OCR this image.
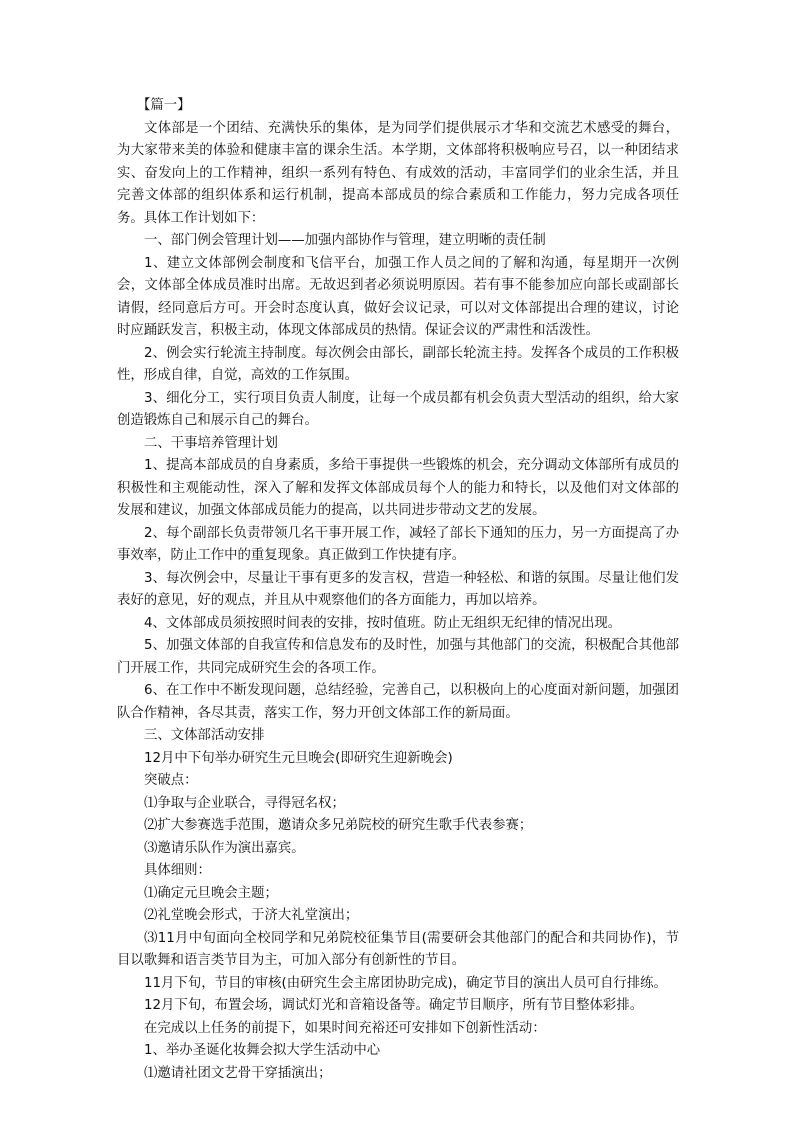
【篇一】

文体部是一个团结、充满快乐的集体，是为同学们提供展示才华和交流艺术感受的舞台，为大家带来美的体验和健康丰富的课余生活。本学期，文体部将积极响应号召，以一种团结求实、奋发向上的工作精神，组织一系列有特色、有成效的活动，丰富同学们的业余生活，并且完善文体部的组织体系和运行机制，提高本部成员的综合素质和工作能力，努力完成各项任务。具体工作计划如下：

一、部门例会管理计划——加强内部协作与管理，建立明晰的责任制

1、建立文体部例会制度和飞信平台，加强工作人员之间的了解和沟通，每星期开一次例会，文体部全体成员准时出席。无故迟到者必须说明原因。若有事不能参加应向部长或副部长请假，经同意后方可。开会时态度认真，做好会议记录，可以对文体部提出合理的建议，讨论时应踊跃发言，积极主动，体现文体部成员的热情。保证会议的严肃性和活泼性。

2、例会实行轮流主持制度。每次例会由部长，副部长轮流主持。发挥各个成员的工作积极性，形成自律，自觉，高效的工作氛围。

3、细化分工，实行项目负责人制度，让每一个成员都有机会负责大型活动的组织，给大家创造锻炼自己和展示自己的舞台。

二、干事培养管理计划

1、提高本部成员的自身素质，多给干事提供一些锻炼的机会，充分调动文体部所有成员的积极性和主观能动性，深入了解和发挥文体部成员每个人的能力和特长，以及他们对文体部的发展和建议，加强文体部成员能力的提高，以共同进步带动文艺的发展。

2、每个副部长负责带领几名干事开展工作，减轻了部长下通知的压力，另一方面提高了办事效率，防止工作中的重复现象。真正做到工作快捷有序。

3、每次例会中，尽量让干事有更多的发言权，营造一种轻松、和谐的氛围。尽量让他们发表好的意见，好的观点，并且从中观察他们的各方面能力，再加以培养。

4、文体部成员须按照时间表的安排，按时值班。防止无组织无纪律的情况出现。

5、加强文体部的自我宣传和信息发布的及时性，加强与其他部门的交流，积极配合其他部门开展工作，共同完成研究生会的各项工作。

6、在工作中不断发现问题，总结经验，完善自己，以积极向上的心度面对新问题，加强团队合作精神，各尽其责，落实工作，努力开创文体部工作的新局面。

三、文体部活动安排

12月中下旬举办研究生元旦晚会(即研究生迎新晚会)

突破点：

⑴争取与企业联合，寻得冠名权；

⑵扩大参赛选手范围，邀请众多兄弟院校的研究生歌手代表参赛；

⑶邀请乐队作为演出嘉宾。

具体细则：

⑴确定元旦晚会主题；

⑵礼堂晚会形式，于济大礼堂演出；

⑶11月中旬面向全校同学和兄弟院校征集节目(需要研会其他部门的配合和共同协作)，节目以歌舞和语言类节目为主，可加入部分有创新性的节目。

11月下旬，节目的审核(由研究生会主席团协助完成)，确定节目的演出人员可自行排练。

12月下旬，布置会场，调试灯光和音箱设备等。确定节目顺序，所有节目整体彩排。

在完成以上任务的前提下，如果时间充裕还可安排如下创新性活动：

1、举办圣诞化妆舞会拟大学生活动中心

⑴邀请社团文艺骨干穿插演出；
